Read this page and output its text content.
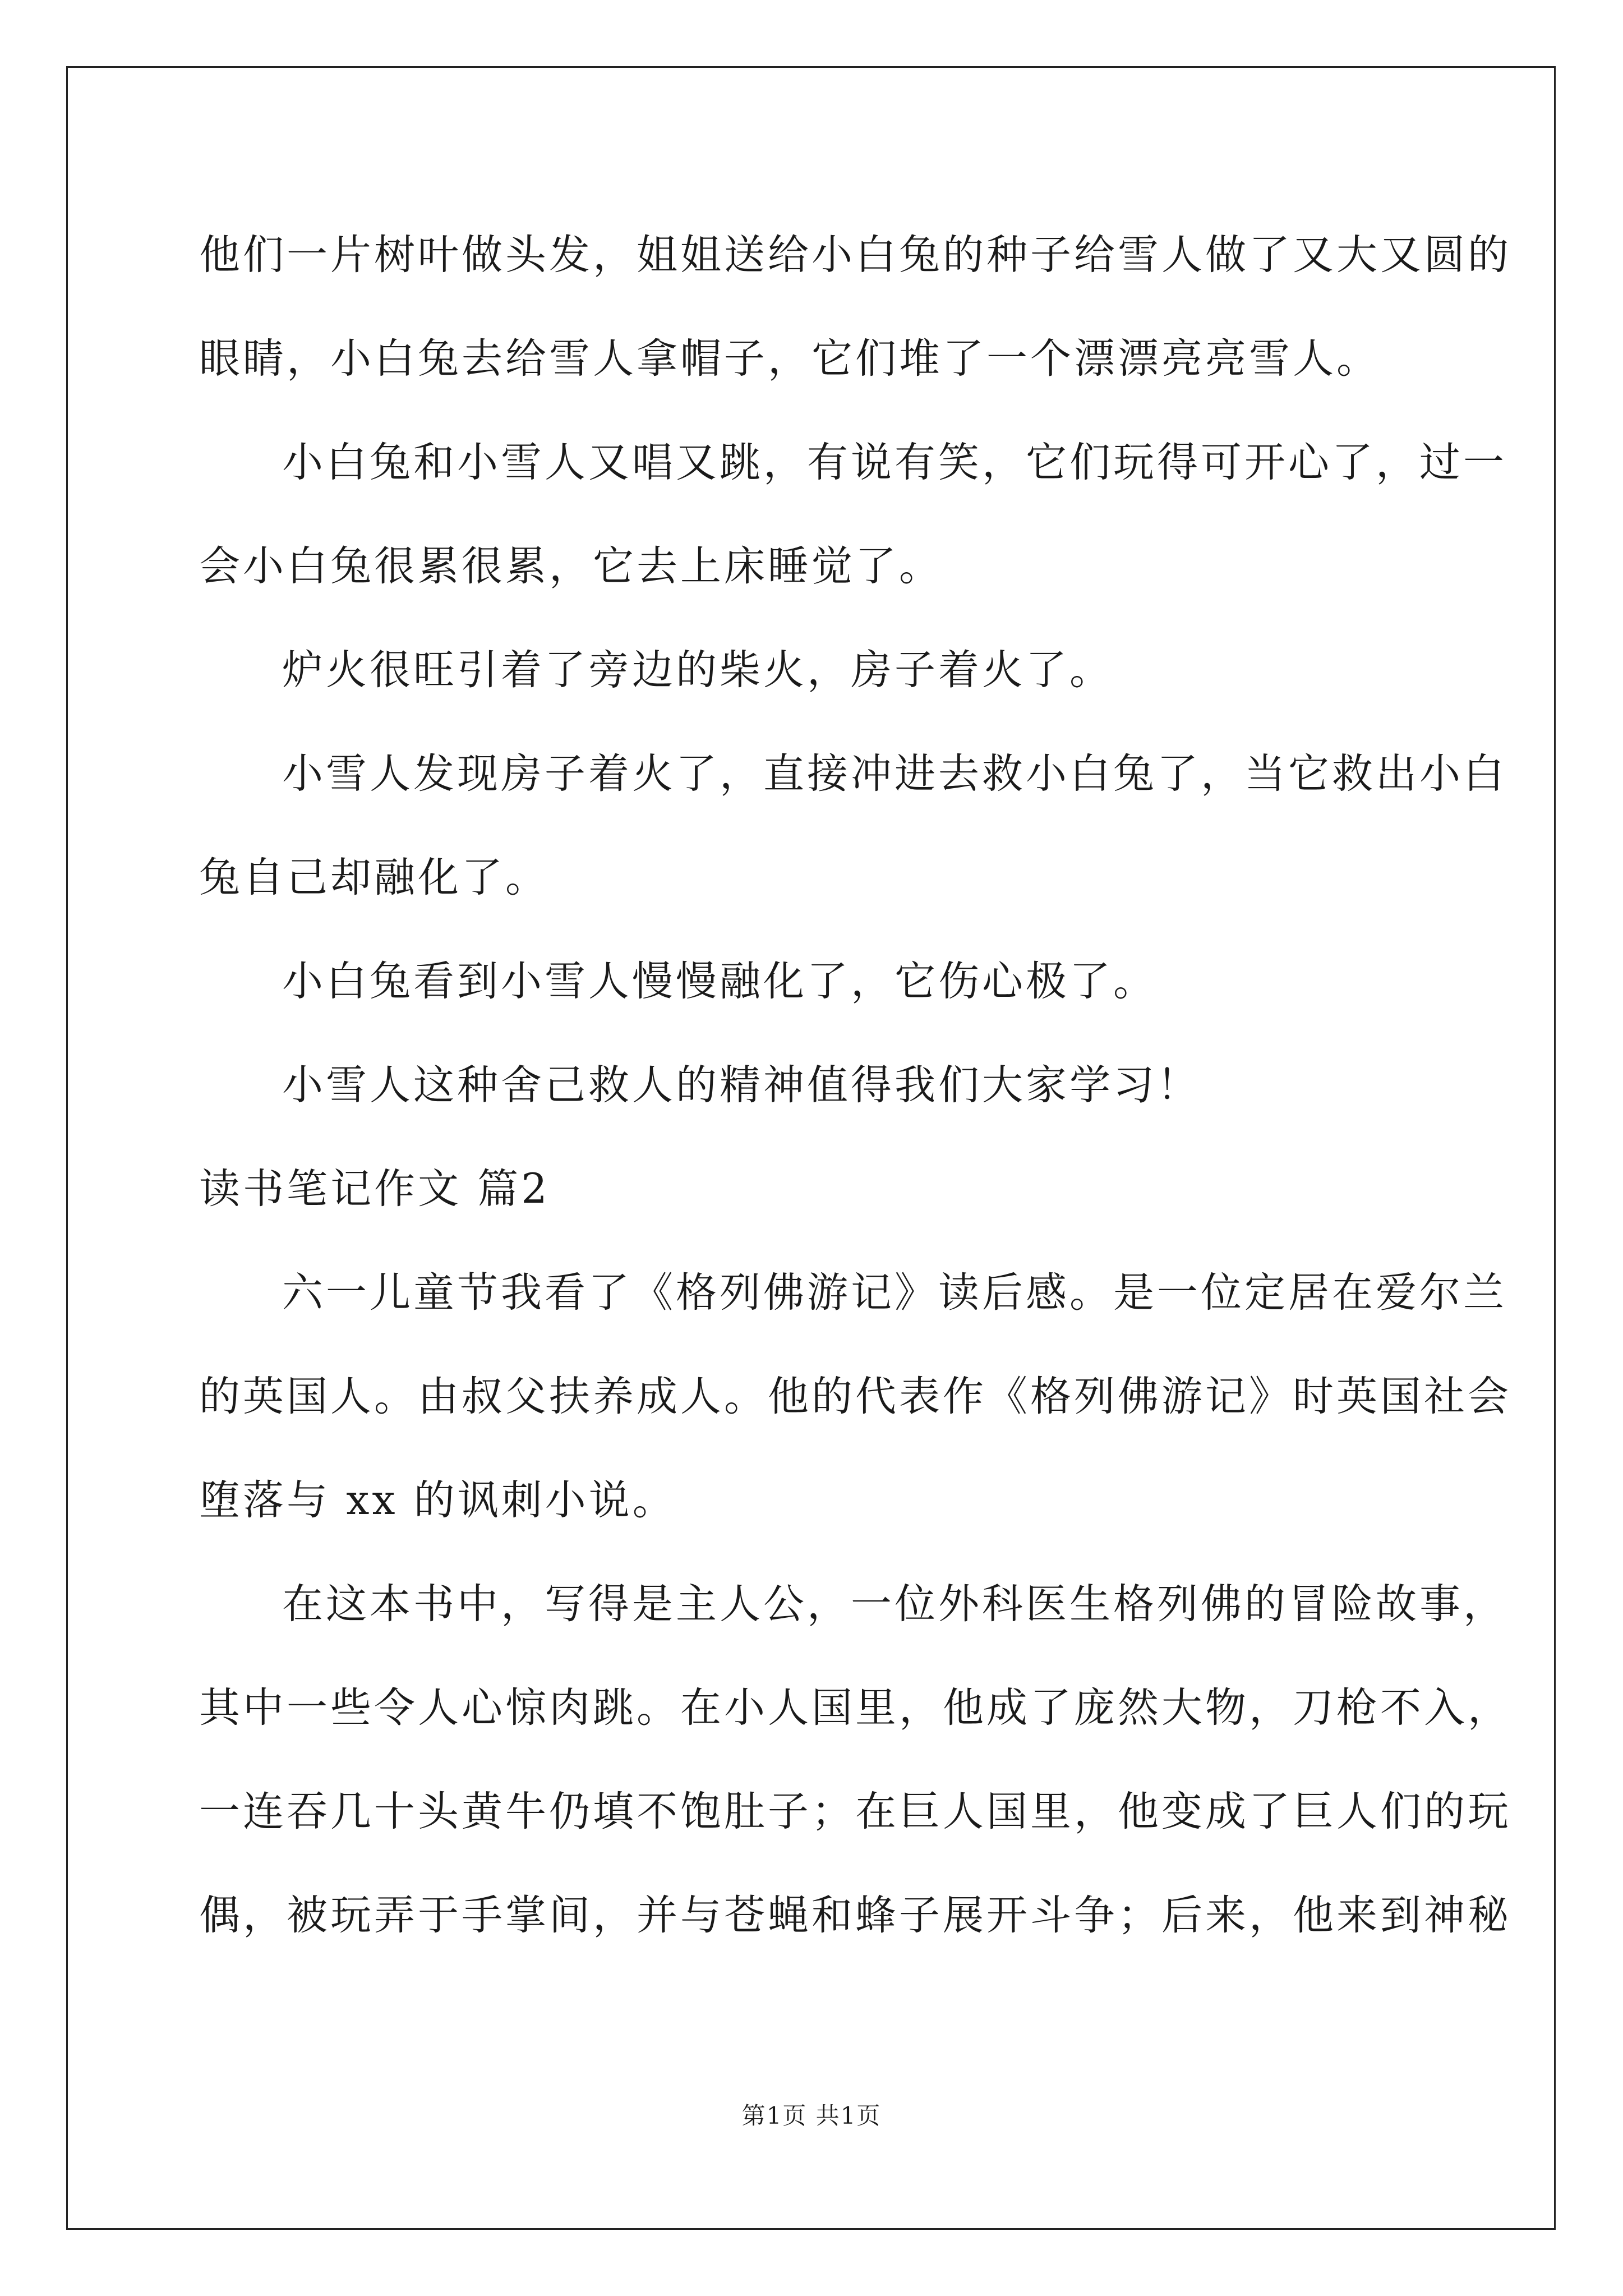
他们一片树叶做头发，姐姐送给小白兔的种子给雪人做了又大又圆的
眼睛，小白兔去给雪人拿帽子，它们堆了一个漂漂亮亮雪人。
小白兔和小雪人又唱又跳，有说有笑，它们玩得可开心了，过一
会小白兔很累很累，它去上床睡觉了。
炉火很旺引着了旁边的柴火，房子着火了。
小雪人发现房子着火了，直接冲进去救小白兔了，当它救出小白
兔自己却融化了。
小白兔看到小雪人慢慢融化了，它伤心极了。
小雪人这种舍己救人的精神值得我们大家学习！
读书笔记作文 篇2
六一儿童节我看了《格列佛游记》读后感。是一位定居在爱尔兰
的英国人。由叔父扶养成人。他的代表作《格列佛游记》时英国社会
堕落与 xx 的讽刺小说。
在这本书中，写得是主人公，一位外科医生格列佛的冒险故事，
其中一些令人心惊肉跳。在小人国里，他成了庞然大物，刀枪不入，
一连吞几十头黄牛仍填不饱肚子；在巨人国里，他变成了巨人们的玩
偶，被玩弄于手掌间，并与苍蝇和蜂子展开斗争；后来，他来到神秘
第1页 共1页
